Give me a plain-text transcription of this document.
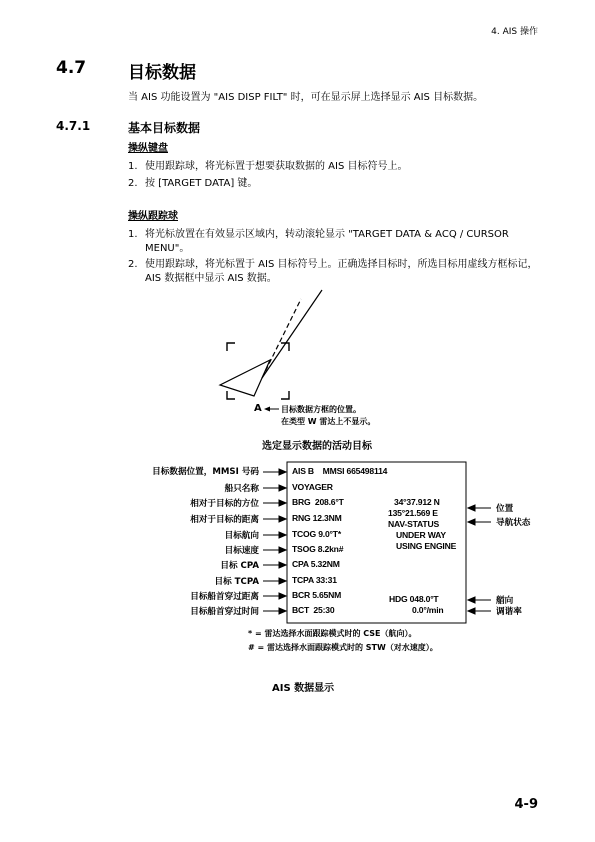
4. AIS 操作
4.7 目标数据
当 AIS 功能设置为 "AIS DISP FILT" 时，可在显示屏上选择显示 AIS 目标数据。
4.7.1	基本目标数据
操纵键盘
1. 使用跟踪球，将光标置于想要获取数据的 AIS 目标符号上。
2. 按 [TARGET DATA] 键。
操纵跟踪球
1. 将光标放置在有效显示区域内，转动滚轮显示 "TARGET DATA & ACQ / CURSOR MENU"。
2. 使用跟踪球，将光标置于 AIS 目标符号上。正确选择目标时，所选目标用虚线方框标记，AIS 数据框中显示 AIS 数据。
A 目标数据方框的位置。
在类型 W 雷达上不显示。
选定显示数据的活动目标
目标数据位置，MMSI 号码
船只名称
相对于目标的方位
相对于目标的距离
目标航向
目标速度
目标 CPA
目标 TCPA
目标船首穿过距离
目标船首穿过时间
AIS B    MMSI 665498114
VOYAGER
BRG  208.6°T
RNG 12.3NM
TCOG 9.0°T*
TSOG 8.2kn#
CPA 5.32NM
TCPA 33:31
BCR 5.65NM
BCT  25:30
34°37.912 N
135°21.569 E
NAV-STATUS
UNDER WAY
USING ENGINE
HDG 048.0°T
0.0°/min
位置
导航状态
艏向
调谐率
* = 雷达选择水面跟踪模式时的 CSE（航向）。
# = 雷达选择水面跟踪模式时的 STW（对水速度）。
AIS 数据显示
4-9
